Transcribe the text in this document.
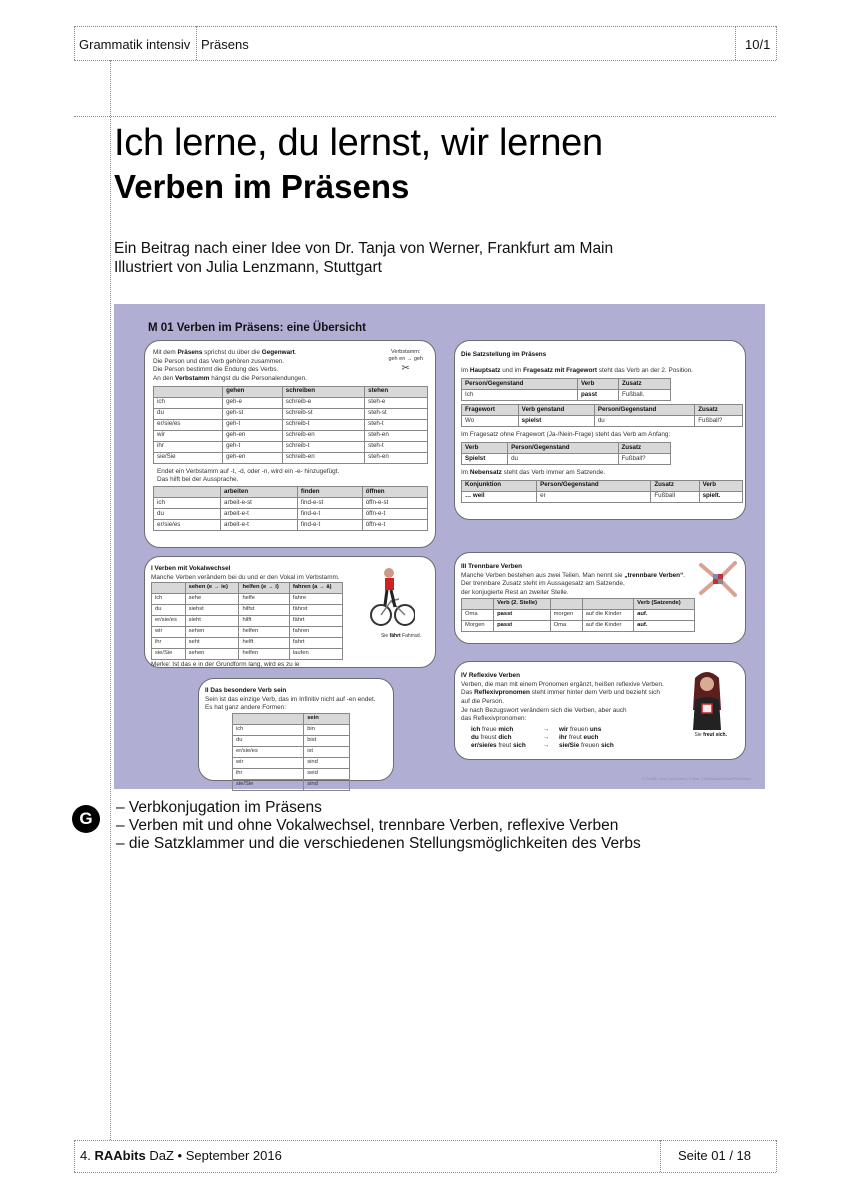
Grammatik intensiv Präsens	10/1
Ich lerne, du lernst, wir lernen
Verben im Präsens
Ein Beitrag nach einer Idee von Dr. Tanja von Werner, Frankfurt am Main
Illustriert von Julia Lenzmann, Stuttgart
M 01 Verben im Präsens: eine Übersicht
Mit dem Präsens sprichst du über die Gegenwart.
Die Person und das Verb gehören zusammen.
Die Person bestimmt die Endung des Verbs.
An den Verbstamm hängst du die Personalendungen.
Verbstamm:
geh en → geh
✂
	gehen	schreiben	stehen
ich	geh-e	schreib-e	steh-e
du	geh-st	schreib-st	steh-st
er/sie/es	geh-t	schreib-t	steh-t
wir	geh-en	schreib-en	steh-en
ihr	geh-t	schreib-t	steh-t
sie/Sie	geh-en	schreib-en	steh-en
Endet ein Verbstamm auf -t, -d, oder -n, wird ein -e- hinzugefügt.
Das hilft bei der Aussprache.
	arbeiten	finden	öffnen
ich	arbeit-e-st	find-e-st	öffn-e-st
du	arbeit-e-t	find-e-t	öffn-e-t
er/sie/es	arbeit-e-t	find-e-t	öffn-e-t
Die Satzstellung im Präsens
Im Hauptsatz und im Fragesatz mit Fragewort steht das Verb an der 2. Position.
Person/Gegenstand	Verb	Zusatz
Ich	passt	Fußball.
Fragewort	Verb genstand	Person/Gegenstand	Zusatz
Wo	spielst	du	Fußball?
Im Fragesatz ohne Fragewort (Ja-/Nein-Frage) steht das Verb am Anfang:
Verb	Person/Gegenstand	Zusatz
Spielst	du	Fußball?
Im Nebensatz steht das Verb immer am Satzende.
Konjunktion	Person/Gegenstand	Zusatz	Verb
… weil	er	Fußball	spielt.
I Verben mit Vokalwechsel
Manche Verben verändern bei du und er den Vokal im Verbstamm.
	sehen (e → ie)	helfen (e → i)	fahren (a → ä)
ich	sehe	helfe	fahre
du	siehst	hilfst	fährst
er/sie/es	sieht	hilft	fährt
wir	sehen	helfen	fahren
ihr	seht	helft	fahrt
sie/Sie	sehen	helfen	laufen
Merke: Ist das e in der Grundform lang, wird es zu ie
Sie fährt Fahrrad.
II Das besondere Verb sein
Sein ist das einzige Verb, das im Infinitiv nicht auf -en endet.
Es hat ganz andere Formen:
	sein
ich	bin
du	bist
er/sie/es	ist
wir	sind
ihr	seid
sie/Sie	sind
III Trennbare Verben
Manche Verben bestehen aus zwei Teilen. Man nennt sie „trennbare Verben“.
Der trennbare Zusatz steht im Aussagesatz am Satzende,
der konjugierte Rest an zweiter Stelle.
	Verb (2. Stelle)			Verb (Satzende)
Oma	passt	morgen	auf die Kinder	auf.
Morgen	passt	Oma	auf die Kinder	auf.
IV Reflexive Verben
Verben, die man mit einem Pronomen ergänzt, heißen reflexive Verben.
Das Reflexivpronomen steht immer hinter dem Verb und bezieht sich
auf die Person.
Je nach Bezugswort verändern sich die Verben, aber auch
das Reflexivpronomen:
ich freue mich	→	wir freuen uns
du freust dich	→	ihr freut euch
er/sie/es freut sich	→	sie/Sie freuen sich
Sie freut sich.
© Grafik: Julia Lenzmann; Fotos: Thinkstock/iStock/Photodisc
G
– Verbkonjugation im Präsens
– Verben mit und ohne Vokalwechsel, trennbare Verben, reflexive Verben
– die Satzklammer und die verschiedenen Stellungsmöglichkeiten des Verbs
4. RAAbits DaZ • September 2016	Seite 01 / 18
